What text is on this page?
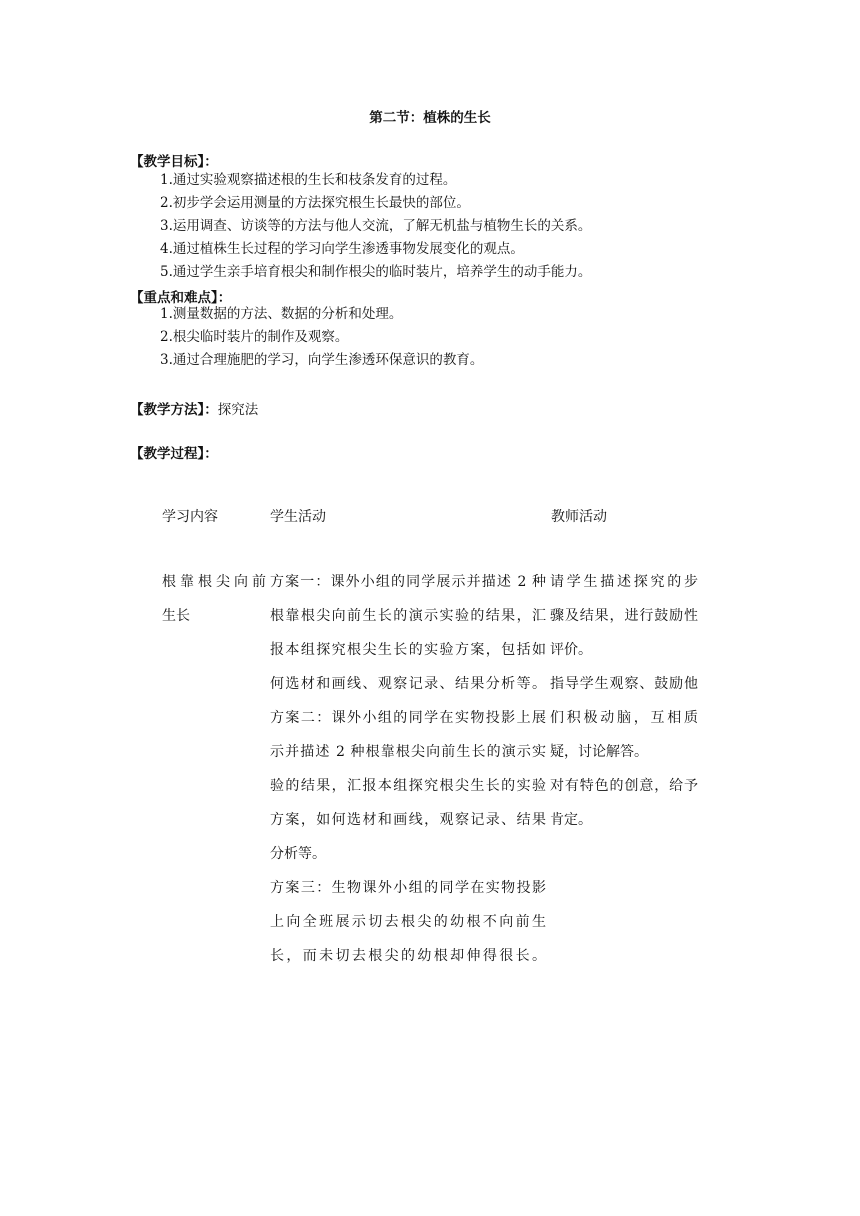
第二节：植株的生长
【教学目标】：
1.通过实验观察描述根的生长和枝条发育的过程。
2.初步学会运用测量的方法探究根生长最快的部位。
3.运用调查、访谈等的方法与他人交流，了解无机盐与植物生长的关系。
4.通过植株生长过程的学习向学生渗透事物发展变化的观点。
5.通过学生亲手培育根尖和制作根尖的临时装片，培养学生的动手能力。
【重点和难点】：
1.测量数据的方法、数据的分析和处理。
2.根尖临时装片的制作及观察。
3.通过合理施肥的学习，向学生渗透环保意识的教育。
【教学方法】：探究法
【教学过程】：
学习内容	学生活动	教师活动
根靠根尖向前
生长
方案一：课外小组的同学展示并描述 2 种
根靠根尖向前生长的演示实验的结果，汇
报本组探究根尖生长的实验方案，包括如
何选材和画线、观察记录、结果分析等。
方案二：课外小组的同学在实物投影上展
示并描述 2 种根靠根尖向前生长的演示实
验的结果，汇报本组探究根尖生长的实验
方案，如何选材和画线，观察记录、结果
分析等。
方案三：生物课外小组的同学在实物投影
上向全班展示切去根尖的幼根不向前生
长，而未切去根尖的幼根却伸得很长。
请学生描述探究的步
骤及结果，进行鼓励性
评价。
指导学生观察、鼓励他
们积极动脑，互相质
疑，讨论解答。
对有特色的创意，给予
肯定。
